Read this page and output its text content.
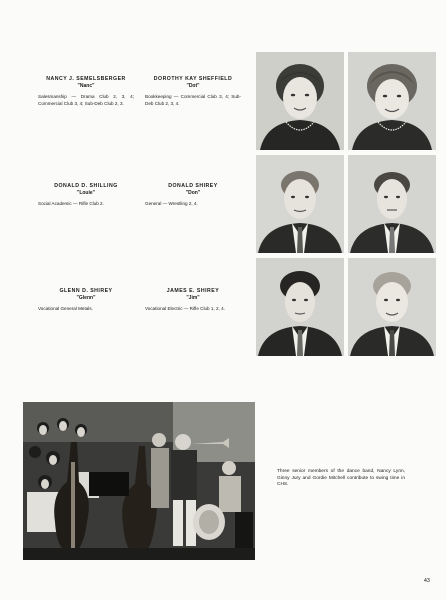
NANCY J. SEMELSBERGER
"Nanc"
Salesmanship — Drama Club 2, 3, 4; Commercial Club 3, 4; Sub-Deb Club 2, 3.
DOROTHY KAY SHEFFIELD
"Dot"
Bookkeeping — Commercial Club 3, 4; Sub-Deb Club 2, 3, 4.
DONALD D. SHILLING
"Louie"
Social Academic — Rifle Club 2.
DONALD SHIREY
"Don"
General — Wrestling 2, 4.
GLENN D. SHIREY
"Glenn"
Vocational General Metals.
JAMES E. SHIREY
"Jim"
Vocational Electric — Rifle Club 1, 2, 4.
Three senior members of the dance band, Nancy Lynn, Ginny Jury and Gordie Mitchell contribute to swing time in CHS.
43
